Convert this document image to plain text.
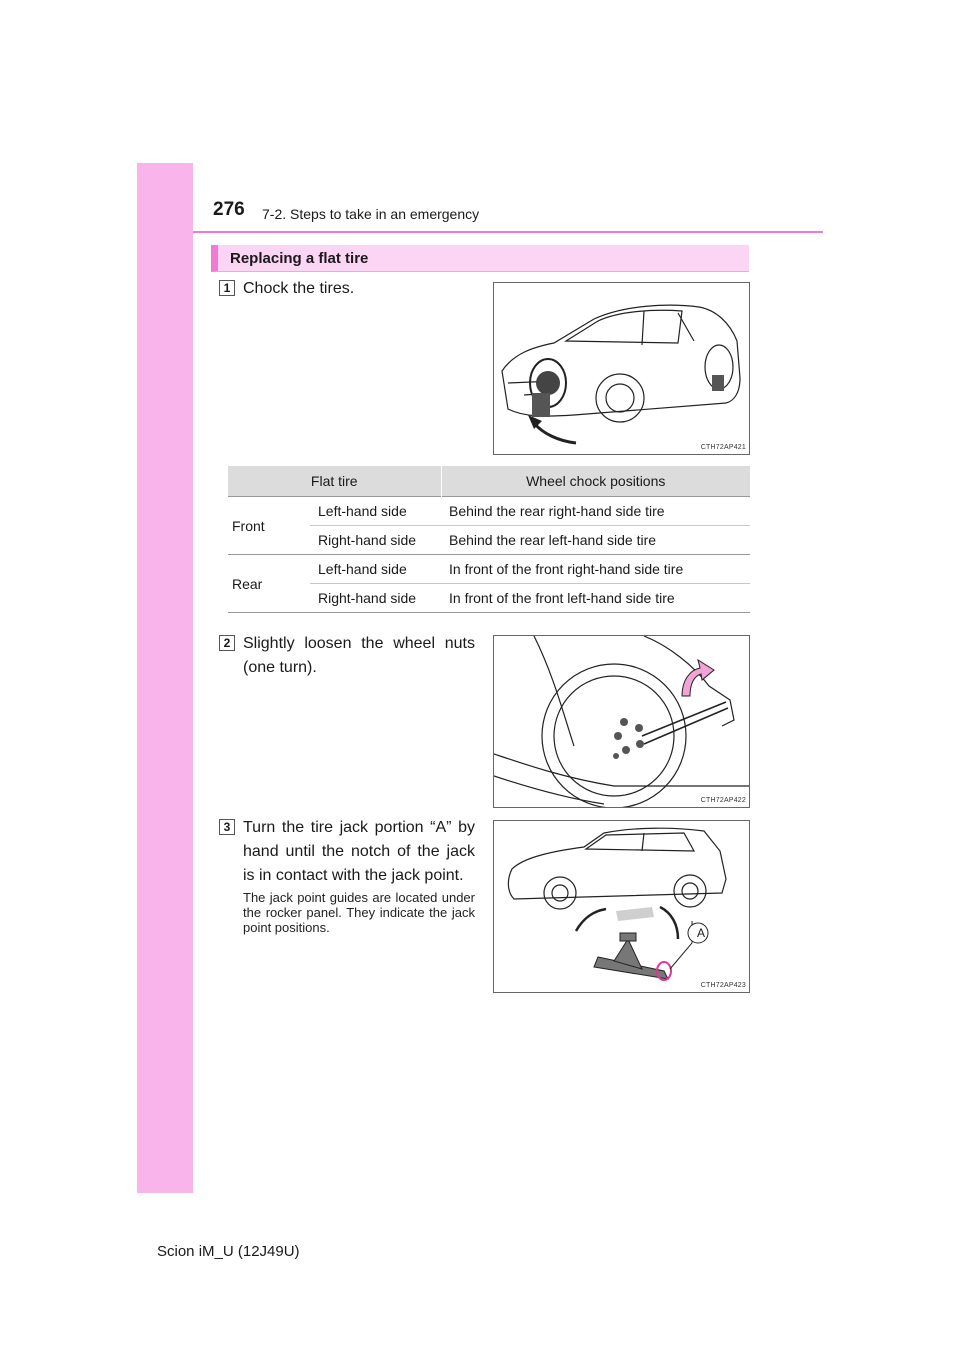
276 7-2. Steps to take in an emergency
Replacing a flat tire
1 Chock the tires.
CTH72AP421
Flat tire		Wheel chock positions
Front	Left-hand side	Behind the rear right-hand side tire
	Right-hand side	Behind the rear left-hand side tire
Rear	Left-hand side	In front of the front right-hand side tire
	Right-hand side	In front of the front left-hand side tire
2 Slightly loosen the wheel nuts (one turn).
CTH72AP422
3 Turn the tire jack portion “A” by hand until the notch of the jack is in contact with the jack point.
The jack point guides are located under the rocker panel. They indicate the jack point positions.	A
CTH72AP423
Scion iM_U (12J49U)
